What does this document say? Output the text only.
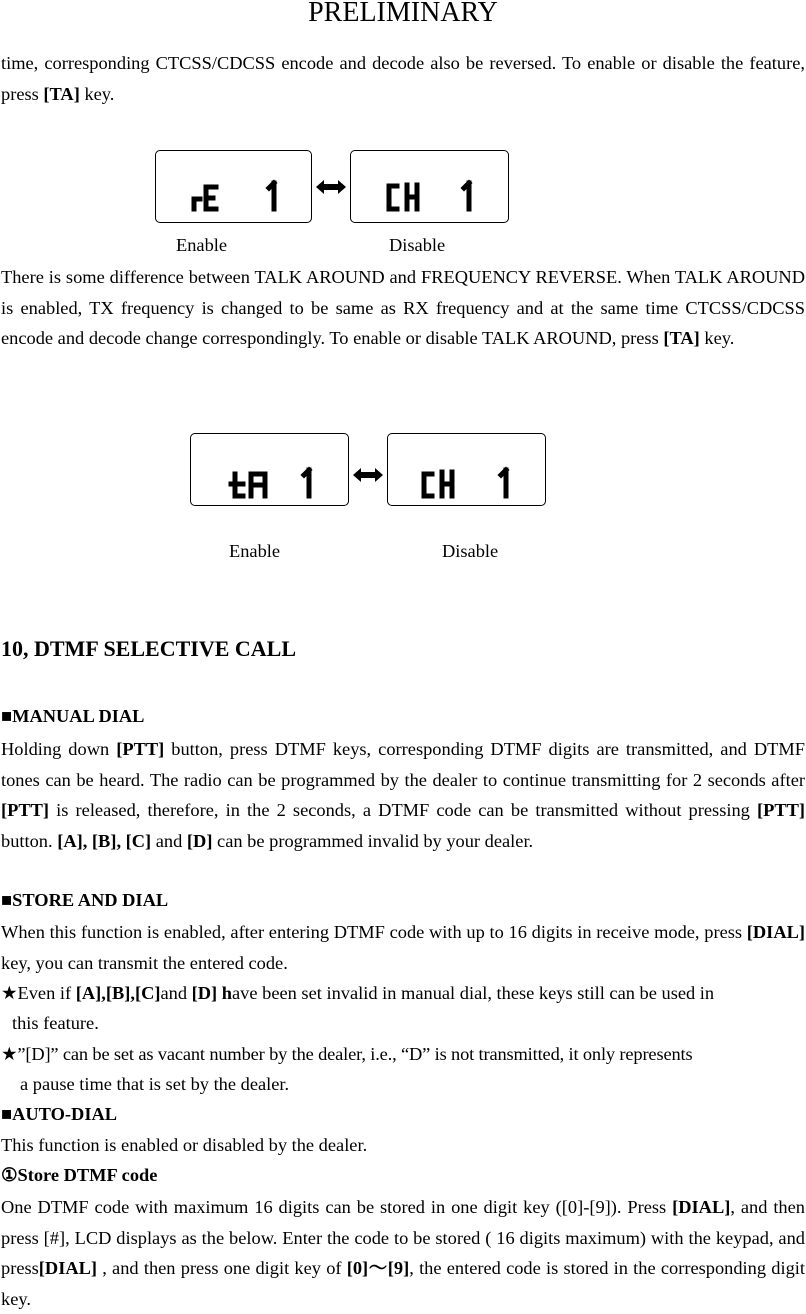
PRELIMINARY

time, corresponding CTCSS/CDCSS encode and decode also be reversed. To enable or disable the feature, press [TA] key.

Enable	Disable

There is some difference between TALK AROUND and FREQUENCY REVERSE. When TALK AROUND is enabled, TX frequency is changed to be same as RX frequency and at the same time CTCSS/CDCSS encode and decode change correspondingly. To enable or disable TALK AROUND, press [TA] key.

Enable	Disable
10, DTMF SELECTIVE CALL
■MANUAL DIAL

Holding down [PTT] button, press DTMF keys, corresponding DTMF digits are transmitted, and DTMF tones can be heard. The radio can be programmed by the dealer to continue transmitting for 2 seconds after [PTT] is released, therefore, in the 2 seconds, a DTMF code can be transmitted without pressing [PTT] button. [A], [B], [C] and [D] can be programmed invalid by your dealer.

■STORE AND DIAL

When this function is enabled, after entering DTMF code with up to 16 digits in receive mode, press [DIAL] key, you can transmit the entered code.

★Even if [A],[B],[C]and [D] have been set invalid in manual dial, these keys still can be used in
this feature.
★”[D]” can be set as vacant number by the dealer, i.e., “D” is not transmitted, it only represents
a pause time that is set by the dealer.
■AUTO-DIAL
This function is enabled or disabled by the dealer.
①Store DTMF code

One DTMF code with maximum 16 digits can be stored in one digit key ([0]-[9]). Press [DIAL], and then press [#], LCD displays as the below. Enter the code to be stored ( 16 digits maximum) with the keypad, and press[DIAL] , and then press one digit key of [0]～[9], the entered code is stored in the corresponding digit key.
